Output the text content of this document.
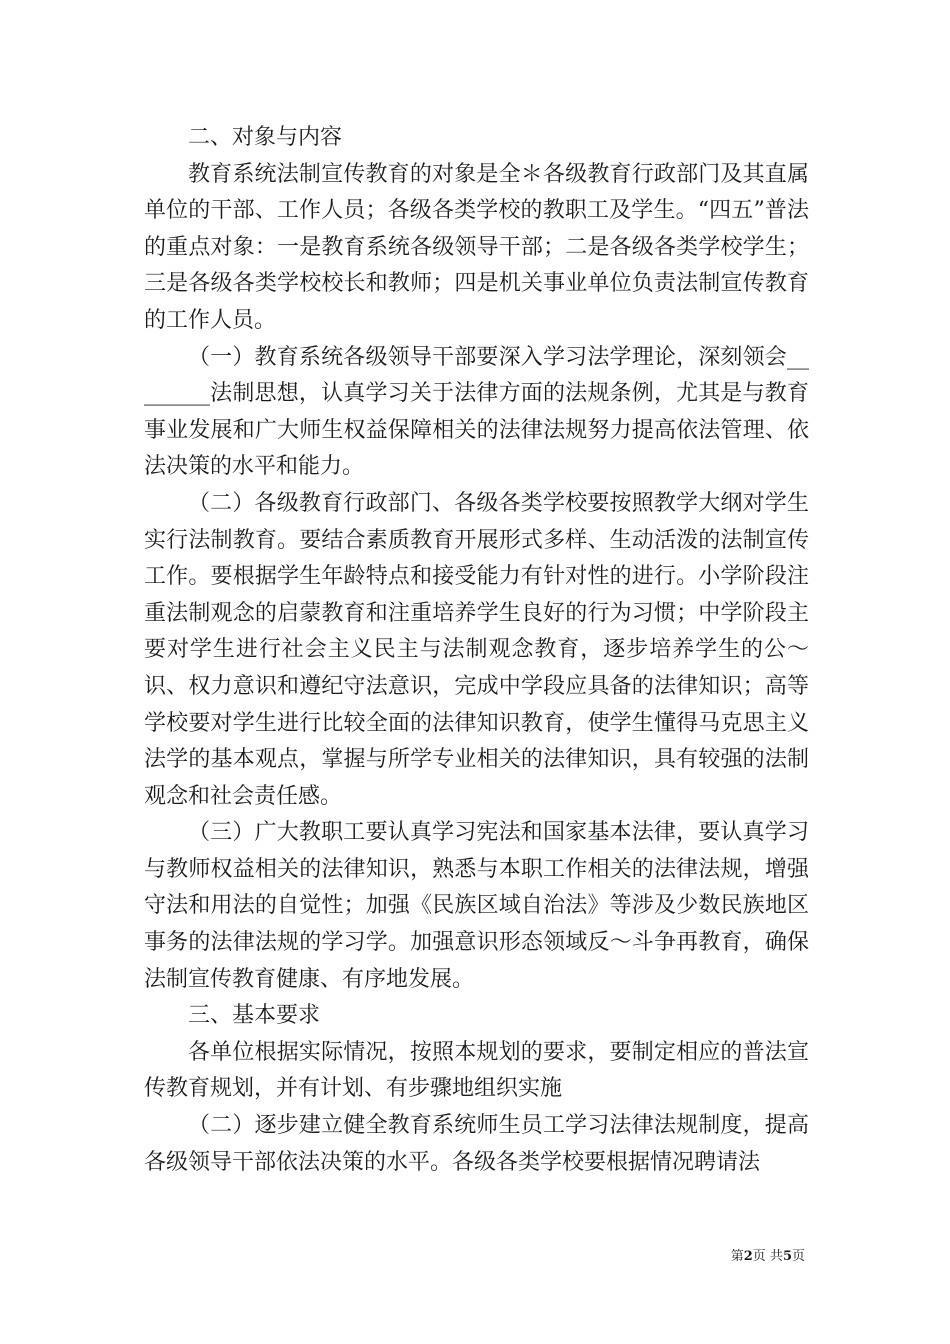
二、对象与内容

教育系统法制宣传教育的对象是全＊各级教育行政部门及其直属单位的干部、工作人员；各级各类学校的教职工及学生。“四五”普法的重点对象：一是教育系统各级领导干部；二是各级各类学校学生；三是各级各类学校校长和教师；四是机关事业单位负责法制宣传教育的工作人员。

（一）教育系统各级领导干部要深入学习法学理论，深刻领会________法制思想，认真学习关于法律方面的法规条例，尤其是与教育事业发展和广大师生权益保障相关的法律法规努力提高依法管理、依法决策的水平和能力。

（二）各级教育行政部门、各级各类学校要按照教学大纲对学生实行法制教育。要结合素质教育开展形式多样、生动活泼的法制宣传工作。要根据学生年龄特点和接受能力有针对性的进行。小学阶段注重法制观念的启蒙教育和注重培养学生良好的行为习惯；中学阶段主要对学生进行社会主义民主与法制观念教育，逐步培养学生的公～识、权力意识和遵纪守法意识，完成中学段应具备的法律知识；高等学校要对学生进行比较全面的法律知识教育，使学生懂得马克思主义法学的基本观点，掌握与所学专业相关的法律知识，具有较强的法制观念和社会责任感。

（三）广大教职工要认真学习宪法和国家基本法律，要认真学习与教师权益相关的法律知识，熟悉与本职工作相关的法律法规，增强守法和用法的自觉性；加强《民族区域自治法》等涉及少数民族地区事务的法律法规的学习学。加强意识形态领域反～斗争再教育，确保法制宣传教育健康、有序地发展。

三、基本要求

各单位根据实际情况，按照本规划的要求，要制定相应的普法宣传教育规划，并有计划、有步骤地组织实施

（二）逐步建立健全教育系统师生员工学习法律法规制度，提高各级领导干部依法决策的水平。各级各类学校要根据情况聘请法

第2页 共5页
